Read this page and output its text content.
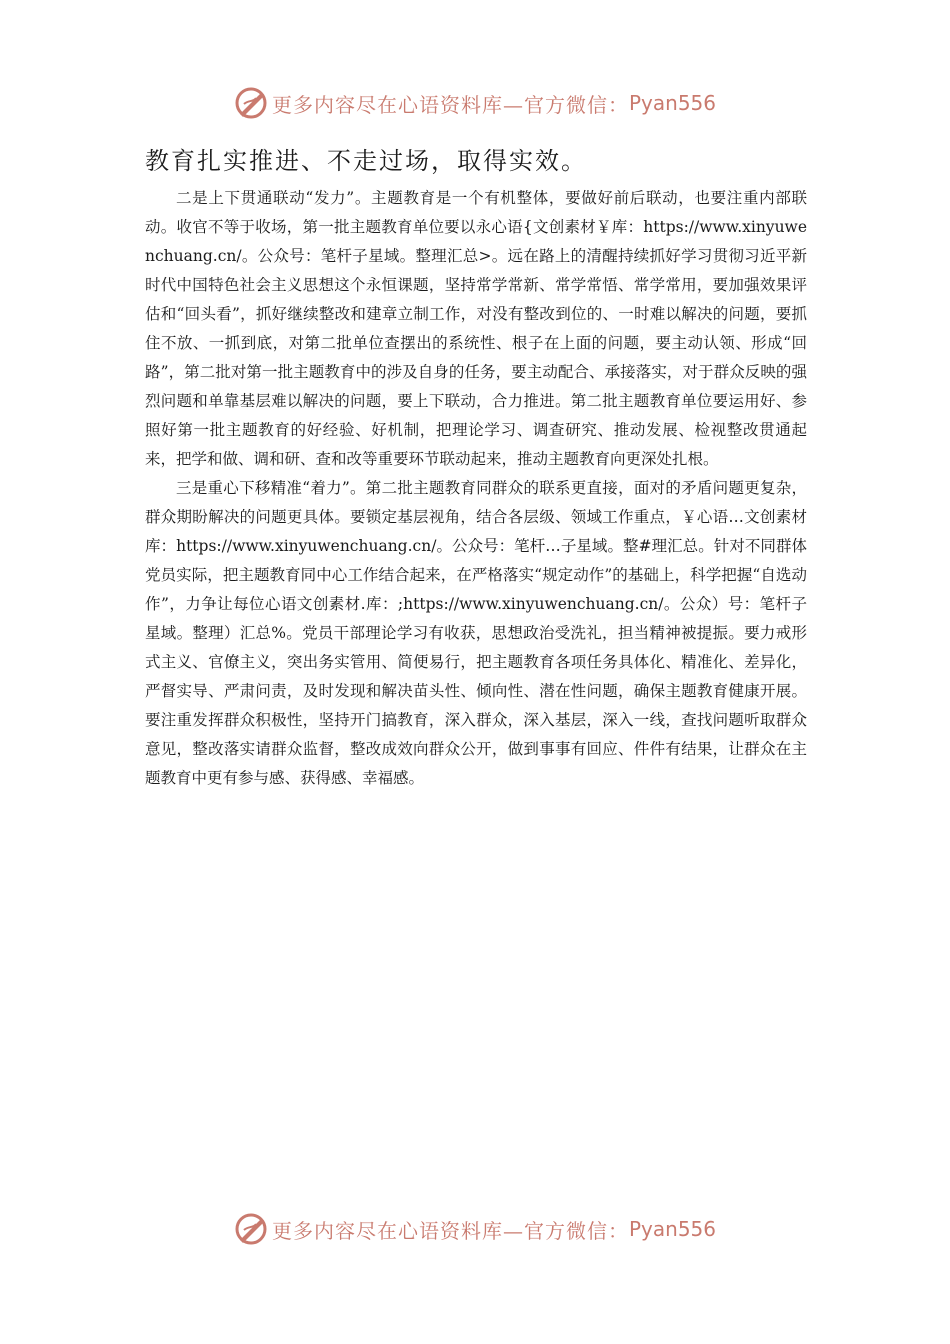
更多内容尽在心语资料库—官方微信： Pyan556

教育扎实推进、不走过场，取得实效。

二是上下贯通联动“发力”。主题教育是一个有机整体，要做好前后联动，也要注重内部联动。收官不等于收场，第一批主题教育单位要以永心语{文创素材￥库：https://www.xinyuwenchuang.cn/。公众号：笔杆子星域。整理汇总>。远在路上的清醒持续抓好学习贯彻习近平新时代中国特色社会主义思想这个永恒课题，坚持常学常新、常学常悟、常学常用，要加强效果评估和“回头看”，抓好继续整改和建章立制工作，对没有整改到位的、一时难以解决的问题，要抓住不放、一抓到底，对第二批单位查摆出的系统性、根子在上面的问题，要主动认领、形成“回路”，第二批对第一批主题教育中的涉及自身的任务，要主动配合、承接落实，对于群众反映的强烈问题和单靠基层难以解决的问题，要上下联动，合力推进。第二批主题教育单位要运用好、参照好第一批主题教育的好经验、好机制，把理论学习、调查研究、推动发展、检视整改贯通起来，把学和做、调和研、查和改等重要环节联动起来，推动主题教育向更深处扎根。

三是重心下移精准“着力”。第二批主题教育同群众的联系更直接，面对的矛盾问题更复杂，群众期盼解决的问题更具体。要锁定基层视角，结合各层级、领域工作重点，￥心语…文创素材库：https://www.xinyuwenchuang.cn/。公众号：笔杆…子星域。整#理汇总。针对不同群体党员实际，把主题教育同中心工作结合起来，在严格落实“规定动作”的基础上，科学把握“自选动作”，力争让每位心语文创素材.库：;https://www.xinyuwenchuang.cn/。公众）号：笔杆子星域。整理）汇总%。党员干部理论学习有收获，思想政治受洗礼，担当精神被提振。要力戒形式主义、官僚主义，突出务实管用、简便易行，把主题教育各项任务具体化、精准化、差异化，严督实导、严肃问责，及时发现和解决苗头性、倾向性、潜在性问题，确保主题教育健康开展。要注重发挥群众积极性，坚持开门搞教育，深入群众，深入基层，深入一线，查找问题听取群众意见，整改落实请群众监督，整改成效向群众公开，做到事事有回应、件件有结果，让群众在主题教育中更有参与感、获得感、幸福感。

更多内容尽在心语资料库—官方微信： Pyan556
